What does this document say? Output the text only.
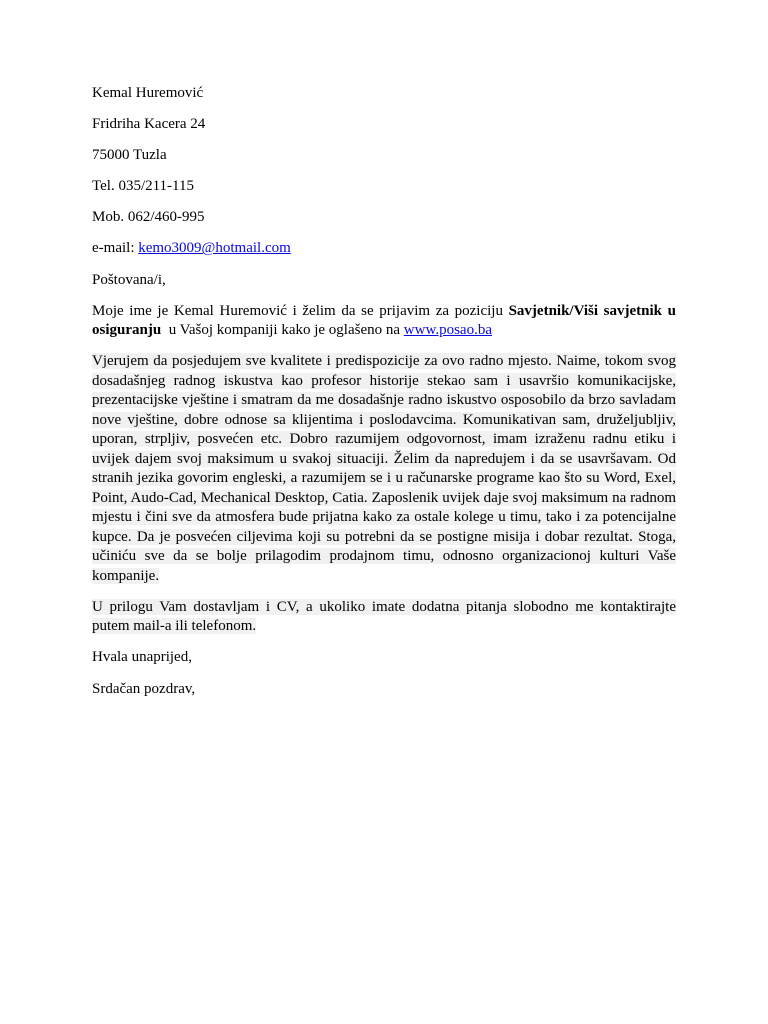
Kemal Huremović

Fridriha Kacera 24

75000 Tuzla

Tel. 035/211-115

Mob. 062/460-995

e-mail: kemo3009@hotmail.com

Poštovana/i,

Moje ime je Kemal Huremović i želim da se prijavim za poziciju Savjetnik/Viši savjetnik u osiguranju  u Vašoj kompaniji kako je oglašeno na www.posao.ba

Vjerujem da posjedujem sve kvalitete i predispozicije za ovo radno mjesto. Naime, tokom svog dosadašnjeg radnog iskustva kao profesor historije stekao sam i usavršio komunikacijske, prezentacijske vještine i smatram da me dosadašnje radno iskustvo osposobilo da brzo savladam nove vještine, dobre odnose sa klijentima i poslodavcima. Komunikativan sam, druželjubljiv, uporan, strpljiv, posvećen etc. Dobro razumijem odgovornost, imam izraženu radnu etiku i uvijek dajem svoj maksimum u svakoj situaciji. Želim da napredujem i da se usavršavam. Od stranih jezika govorim engleski, a razumijem se i u računarske programe kao što su Word, Exel, Point, Audo-Cad, Mechanical Desktop, Catia. Zaposlenik uvijek daje svoj maksimum na radnom mjestu i čini sve da atmosfera bude prijatna kako za ostale kolege u timu, tako i za potencijalne kupce. Da je posvećen ciljevima koji su potrebni da se postigne misija i dobar rezultat. Stoga, učiniću sve da se bolje prilagodim prodajnom timu, odnosno organizacionoj kulturi Vaše kompanije.

U prilogu Vam dostavljam i CV, a ukoliko imate dodatna pitanja slobodno me kontaktirajte putem mail-a ili telefonom.

Hvala unaprijed,

Srdačan pozdrav,
